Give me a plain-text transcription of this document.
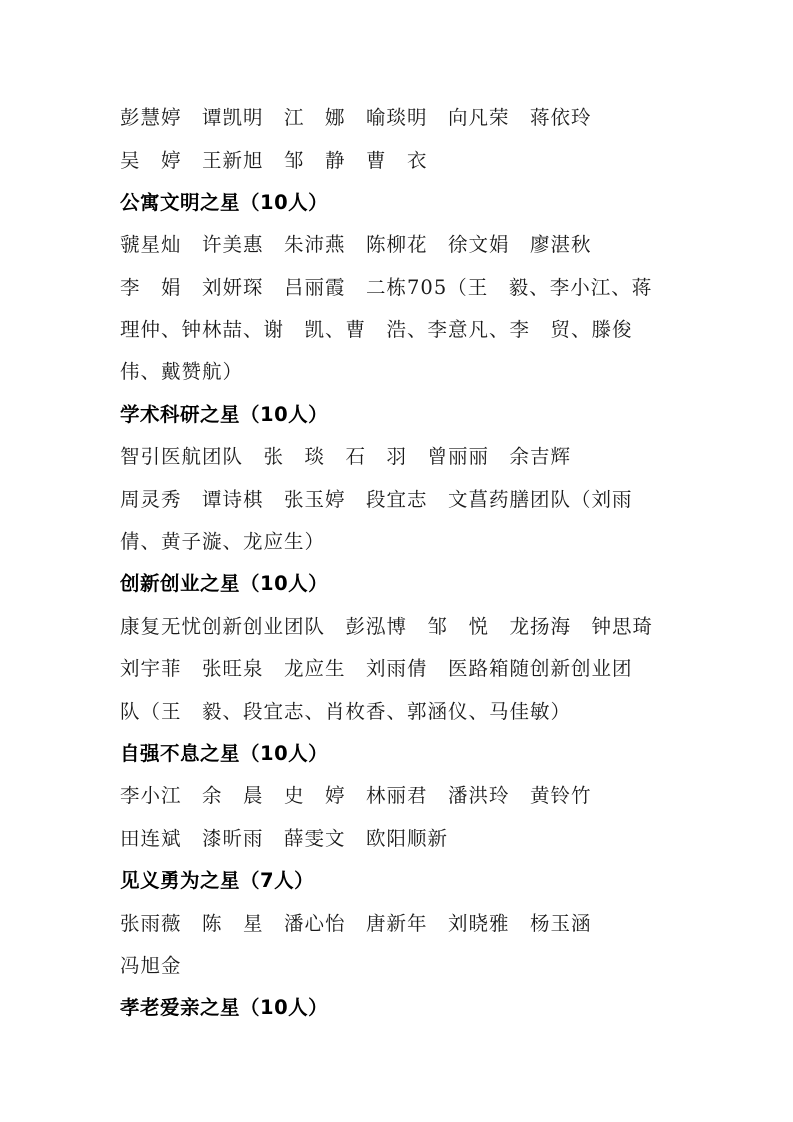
彭慧婷　谭凯明　江　娜　喻琰明　向凡荣　蒋依玲

吴　婷　王新旭　邹　静　曹　衣

公寓文明之星（10人）

虢星灿　许美惠　朱沛燕　陈柳花　徐文娟　廖湛秋

李　娟　刘妍琛　吕丽霞　二栋705（王　毅、李小江、蒋

理仲、钟林喆、谢　凯、曹　浩、李意凡、李　贸、滕俊

伟、戴赞航）

学术科研之星（10人）

智引医航团队　张　琰　石　羽　曾丽丽　余吉辉

周灵秀　谭诗棋　张玉婷　段宜志　文菖药膳团队（刘雨

倩、黄子漩、龙应生）

创新创业之星（10人）

康复无忧创新创业团队　彭泓博　邹　悦　龙扬海　钟思琦

刘宇菲　张旺泉　龙应生　刘雨倩　医路箱随创新创业团

队（王　毅、段宜志、肖枚香、郭涵仪、马佳敏）

自强不息之星（10人）

李小江　余　晨　史　婷　林丽君　潘洪玲　黄铃竹

田连斌　漆昕雨　薛雯文　欧阳顺新

见义勇为之星（7人）

张雨薇　陈　星　潘心怡　唐新年　刘晓雅　杨玉涵

冯旭金

孝老爱亲之星（10人）
